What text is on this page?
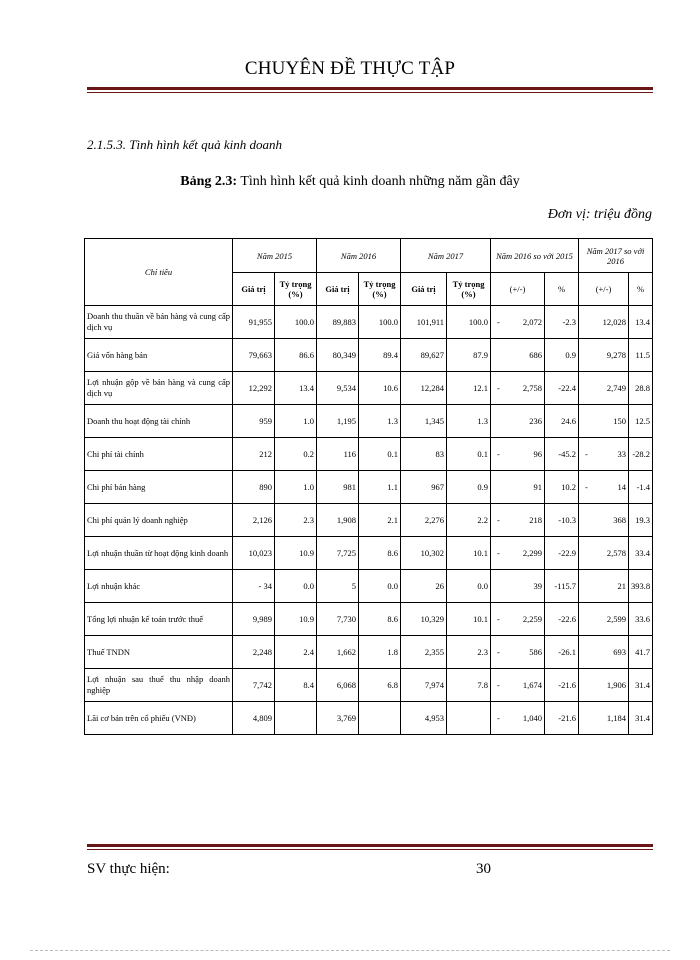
CHUYÊN ĐỀ THỰC TẬP
2.1.5.3. Tình hình kết quả kinh doanh
Bảng 2.3: Tình hình kết quả kinh doanh những năm gần đây
Đơn vị: triệu đồng
Chỉ tiêu	Năm 2015		Năm 2016		Năm 2017		Năm 2016 so với 2015		Năm 2017 so với 2016	
	Giá trị	Tỷ trọng (%)	Giá trị	Tỷ trọng (%)	Giá trị	Tỷ trọng (%)	(+/-)	%	(+/-)	%
Doanh thu thuần về bán hàng và cung cấp dịch vụ	91,955	100.0	89,883	100.0	101,911	100.0	- 2,072	-2.3	12,028	13.4
Giá vốn hàng bán	79,663	86.6	80,349	89.4	89,627	87.9	686	0.9	9,278	11.5
Lợi nhuận gộp về bán hàng và cung cấp dịch vụ	12,292	13.4	9,534	10.6	12,284	12.1	- 2,758	-22.4	2,749	28.8
Doanh thu hoạt động tài chính	959	1.0	1,195	1.3	1,345	1.3	236	24.6	150	12.5
Chi phí tài chính	212	0.2	116	0.1	83	0.1	- 96	-45.2	- 33	-28.2
Chi phí bán hàng	890	1.0	981	1.1	967	0.9	91	10.2	- 14	-1.4
Chi phí quản lý doanh nghiệp	2,126	2.3	1,908	2.1	2,276	2.2	- 218	-10.3	368	19.3
Lợi nhuận thuần từ hoạt động kinh doanh	10,023	10.9	7,725	8.6	10,302	10.1	- 2,299	-22.9	2,578	33.4
Lợi nhuận khác	- 34	0.0	5	0.0	26	0.0	39	-115.7	21	393.8
Tổng lợi nhuận kế toán trước thuế	9,989	10.9	7,730	8.6	10,329	10.1	- 2,259	-22.6	2,599	33.6
Thuế TNDN	2,248	2.4	1,662	1.8	2,355	2.3	- 586	-26.1	693	41.7
Lợi nhuận sau thuế thu nhập doanh nghiệp	7,742	8.4	6,068	6.8	7,974	7.8	- 1,674	-21.6	1,906	31.4
Lãi cơ bản trên cổ phiếu (VNĐ)	4,809		3,769		4,953		- 1,040	-21.6	1,184	31.4
SV thực hiện:	30
